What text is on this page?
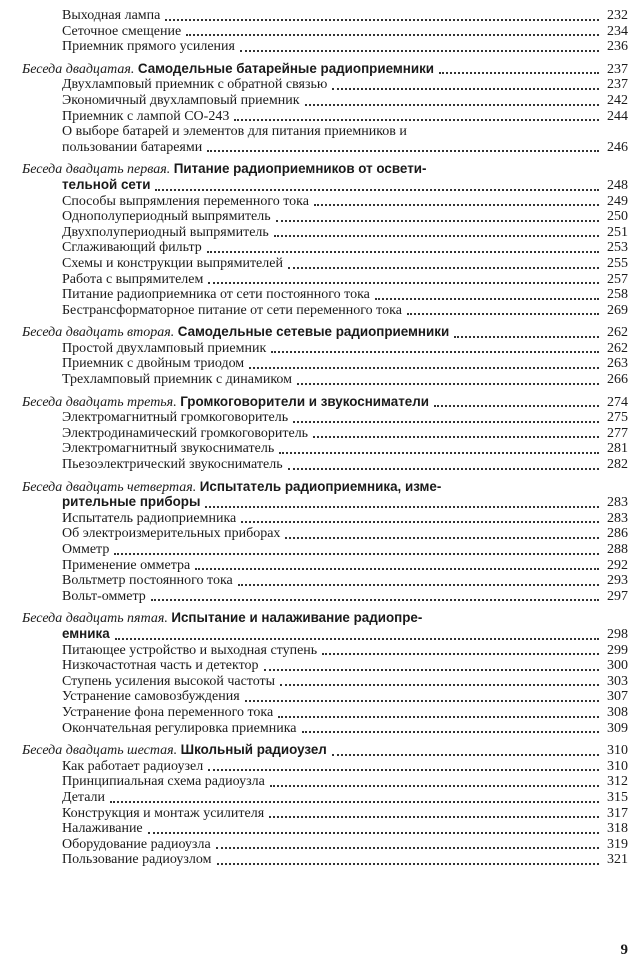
Выходная лампа	232
Сеточное смещение	234
Приемник прямого усиления	236
Беседа двадцатая. Самодельные батарейные радиоприемники	237
Двухламповый приемник с обратной связью	237
Экономичный двухламповый приемник	242
Приемник с лампой СО-243	244
О выборе батарей и элементов для питания приемников и
пользовании батареями	246
Беседа двадцать первая. Питание радиоприемников от освети-
тельной сети	248
Способы выпрямления переменного тока	249
Однополупериодный выпрямитель	250
Двухполупериодный выпрямитель	251
Сглаживающий фильтр	253
Схемы и конструкции выпрямителей	255
Работа с выпрямителем	257
Питание радиоприемника от сети постоянного тока	258
Бестрансформаторное питание от сети переменного тока	269
Беседа двадцать вторая. Самодельные сетевые радиоприемники	262
Простой двухламповый приемник	262
Приемник с двойным триодом	263
Трехламповый приемник с динамиком	266
Беседа двадцать третья. Громкоговорители и звукосниматели	274
Электромагнитный громкоговоритель	275
Электродинамический громкоговоритель	277
Электромагнитный звукосниматель	281
Пьезоэлектрический звукосниматель	282
Беседа двадцать четвертая. Испытатель радиоприемника, изме-
рительные приборы	283
Испытатель радиоприемника	283
Об электроизмерительных приборах	286
Омметр	288
Применение омметра	292
Вольтметр постоянного тока	293
Вольт-омметр	297
Беседа двадцать пятая. Испытание и налаживание радиопре-
емника	298
Питающее устройство и выходная ступень	299
Низкочастотная часть и детектор	300
Ступень усиления высокой частоты	303
Устранение самовозбуждения	307
Устранение фона переменного тока	308
Окончательная регулировка приемника	309
Беседа двадцать шестая. Школьный радиоузел	310
Как работает радиоузел	310
Принципиальная схема радиоузла	312
Детали	315
Конструкция и монтаж усилителя	317
Налаживание	318
Оборудование радиоузла	319
Пользование радиоузлом	321
9
